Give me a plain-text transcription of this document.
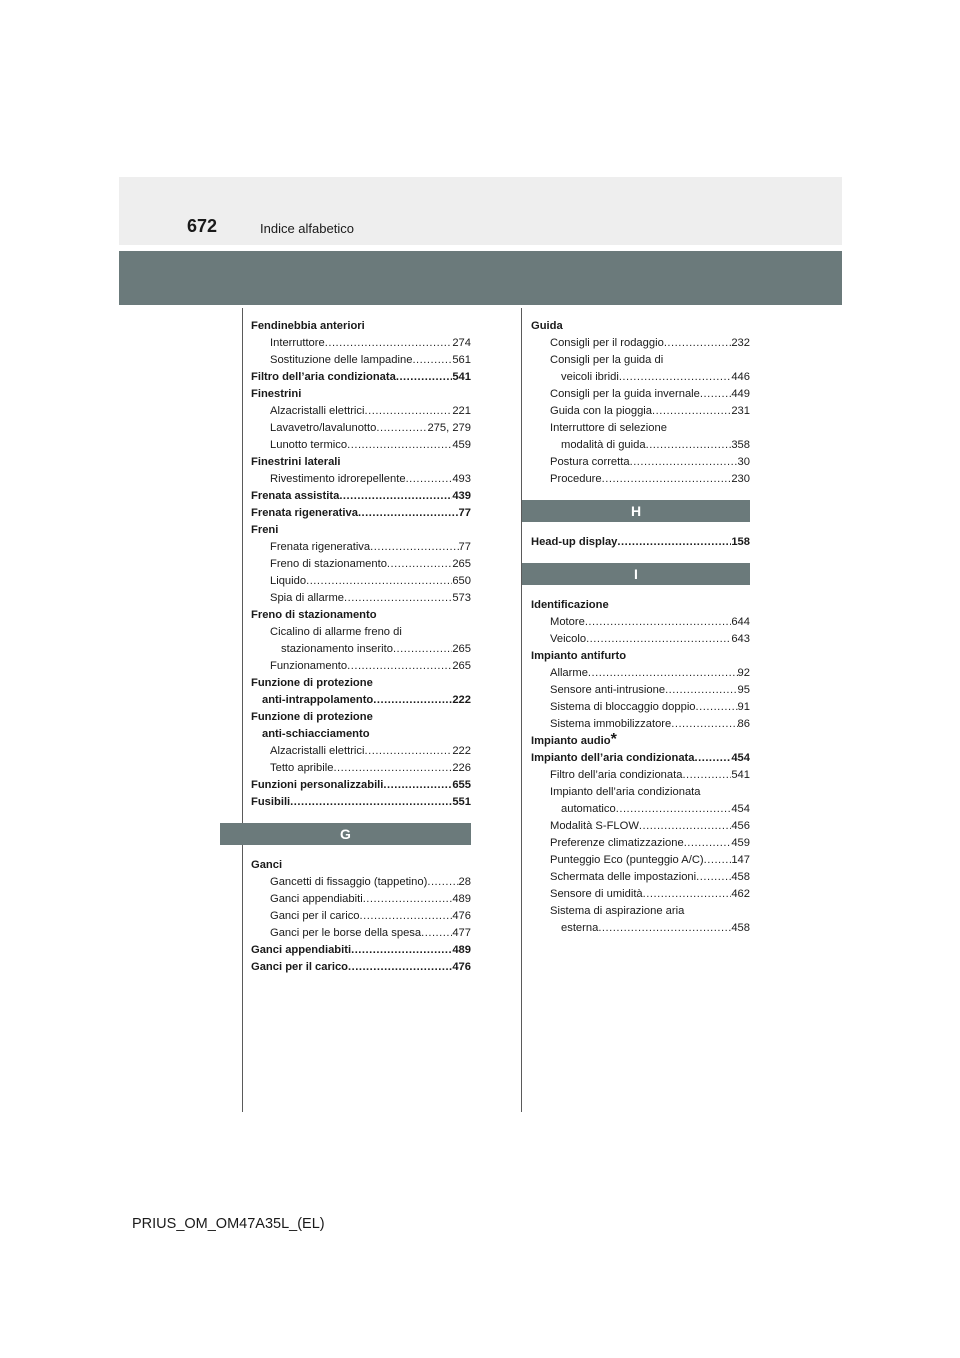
672	Indice alfabetico
Fendinebbia anteriori
Interruttore .....	274
Sostituzione delle lampadine .....	561
Filtro dell’aria condizionata .....	541
Finestrini
Alzacristalli elettrici .....	221
Lavavetro/lavalunotto .....	275, 279
Lunotto termico .....	459
Finestrini laterali
Rivestimento idrorepellente .....	493
Frenata assistita .....	439
Frenata rigenerativa .....	77
Freni
Frenata rigenerativa .....	77
Freno di stazionamento .....	265
Liquido .....	650
Spia di allarme .....	573
Freno di stazionamento
Cicalino di allarme freno di
stazionamento inserito .....	265
Funzionamento .....	265
Funzione di protezione
anti-intrappolamento .....	222
Funzione di protezione
anti-schiacciamento
Alzacristalli elettrici .....	222
Tetto apribile .....	226
Funzioni personalizzabili .....	655
Fusibili .....	551
G
Ganci
Gancetti di fissaggio (tappetino) .....	28
Ganci appendiabiti .....	489
Ganci per il carico .....	476
Ganci per le borse della spesa .....	477
Ganci appendiabiti .....	489
Ganci per il carico .....	476
Guida
Consigli per il rodaggio .....	232
Consigli per la guida di
veicoli ibridi .....	446
Consigli per la guida invernale .....	449
Guida con la pioggia .....	231
Interruttore di selezione
modalità di guida .....	358
Postura corretta .....	30
Procedure .....	230
H
Head-up display .....	158
I
Identificazione
Motore .....	644
Veicolo .....	643
Impianto antifurto
Allarme .....	92
Sensore anti-intrusione .....	95
Sistema di bloccaggio doppio .....	91
Sistema immobilizzatore .....	86
Impianto audio *
Impianto dell’aria condizionata .....	454
Filtro dell’aria condizionata .....	541
Impianto dell’aria condizionata
automatico .....	454
Modalità S-FLOW .....	456
Preferenze climatizzazione .....	459
Punteggio Eco (punteggio A/C) ..... 147
Schermata delle impostazioni .....	458
Sensore di umidità .....	462
Sistema di aspirazione aria
esterna .....	458
PRIUS_OM_OM47A35L_(EL)
